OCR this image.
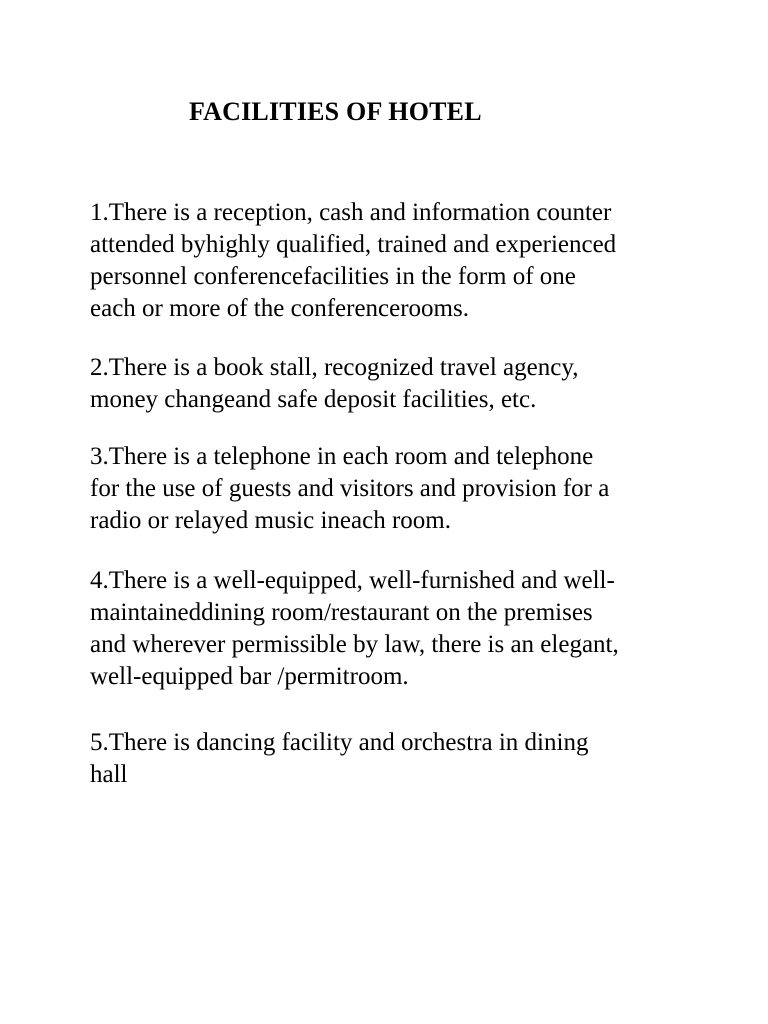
FACILITIES OF HOTEL

1.There is a reception, cash and information counter
attended byhighly qualified, trained and experienced
personnel conferencefacilities in the form of one
each or more of the conferencerooms.

2.There is a book stall, recognized travel agency,
money changeand safe deposit facilities, etc.

3.There is a telephone in each room and telephone
for the use of guests and visitors and provision for a
radio or relayed music ineach room.

4.There is a well-equipped, well-furnished and well-
maintaineddining room/restaurant on the premises
and wherever permissible by law, there is an elegant,
well-equipped bar /permitroom.

5.There is dancing facility and orchestra in dining
hall
